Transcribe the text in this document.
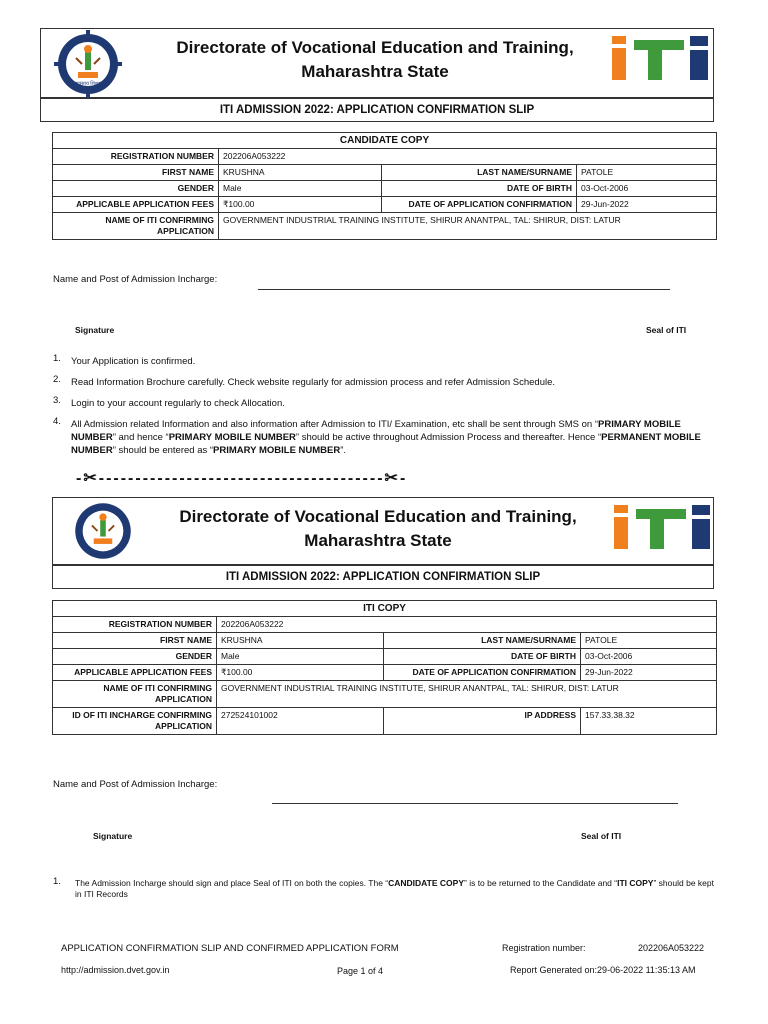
व्यवसाय शिक्षण
Directorate of Vocational Education and Training,
Maharashtra State	iti
ITI ADMISSION 2022: APPLICATION CONFIRMATION SLIP
CANDIDATE COPY			
REGISTRATION NUMBER	202206A053222		
FIRST NAME	KRUSHNA	LAST NAME/SURNAME	PATOLE
GENDER	Male	DATE OF BIRTH	03-Oct-2006
APPLICABLE APPLICATION FEES	₹100.00	DATE OF APPLICATION CONFIRMATION	29-Jun-2022
NAME OF ITI CONFIRMING APPLICATION	GOVERNMENT INDUSTRIAL TRAINING INSTITUTE, SHIRUR ANANTPAL, TAL: SHIRUR, DIST: LATUR		
Name and Post of Admission Incharge:
Signature	Seal of ITI
1. Your Application is confirmed.
2. Read Information Brochure carefully. Check website regularly for admission process and refer Admission Schedule.
3. Login to your account regularly to check Allocation.
4. All Admission related Information and also information after Admission to ITI/ Examination, etc shall be sent through SMS on “PRIMARY MOBILE NUMBER” and hence “PRIMARY MOBILE NUMBER” should be active throughout Admission Process and thereafter. Hence “PERMANENT MOBILE NUMBER” should be entered as “PRIMARY MOBILE NUMBER”.
-✂---------------------------------------✂-
Directorate of Vocational Education and Training,
Maharashtra State
ITI ADMISSION 2022: APPLICATION CONFIRMATION SLIP
ITI COPY			
REGISTRATION NUMBER	202206A053222		
FIRST NAME	KRUSHNA	LAST NAME/SURNAME	PATOLE
GENDER	Male	DATE OF BIRTH	03-Oct-2006
APPLICABLE APPLICATION FEES	₹100.00	DATE OF APPLICATION CONFIRMATION	29-Jun-2022
NAME OF ITI CONFIRMING APPLICATION	GOVERNMENT INDUSTRIAL TRAINING INSTITUTE, SHIRUR ANANTPAL, TAL: SHIRUR, DIST: LATUR		
ID OF ITI INCHARGE CONFIRMING APPLICATION	272524101002	IP ADDRESS	157.33.38.32
Name and Post of Admission Incharge:
Signature	Seal of ITI
1. The Admission Incharge should sign and place Seal of ITI on both the copies. The “CANDIDATE COPY” is to be returned to the Candidate and “ITI COPY” should be kept in ITI Records
APPLICATION CONFIRMATION SLIP AND CONFIRMED APPLICATION FORM	Registration number:	202206A053222
http://admission.dvet.gov.in	Page 1 of 4	Report Generated on:29-06-2022 11:35:13 AM
